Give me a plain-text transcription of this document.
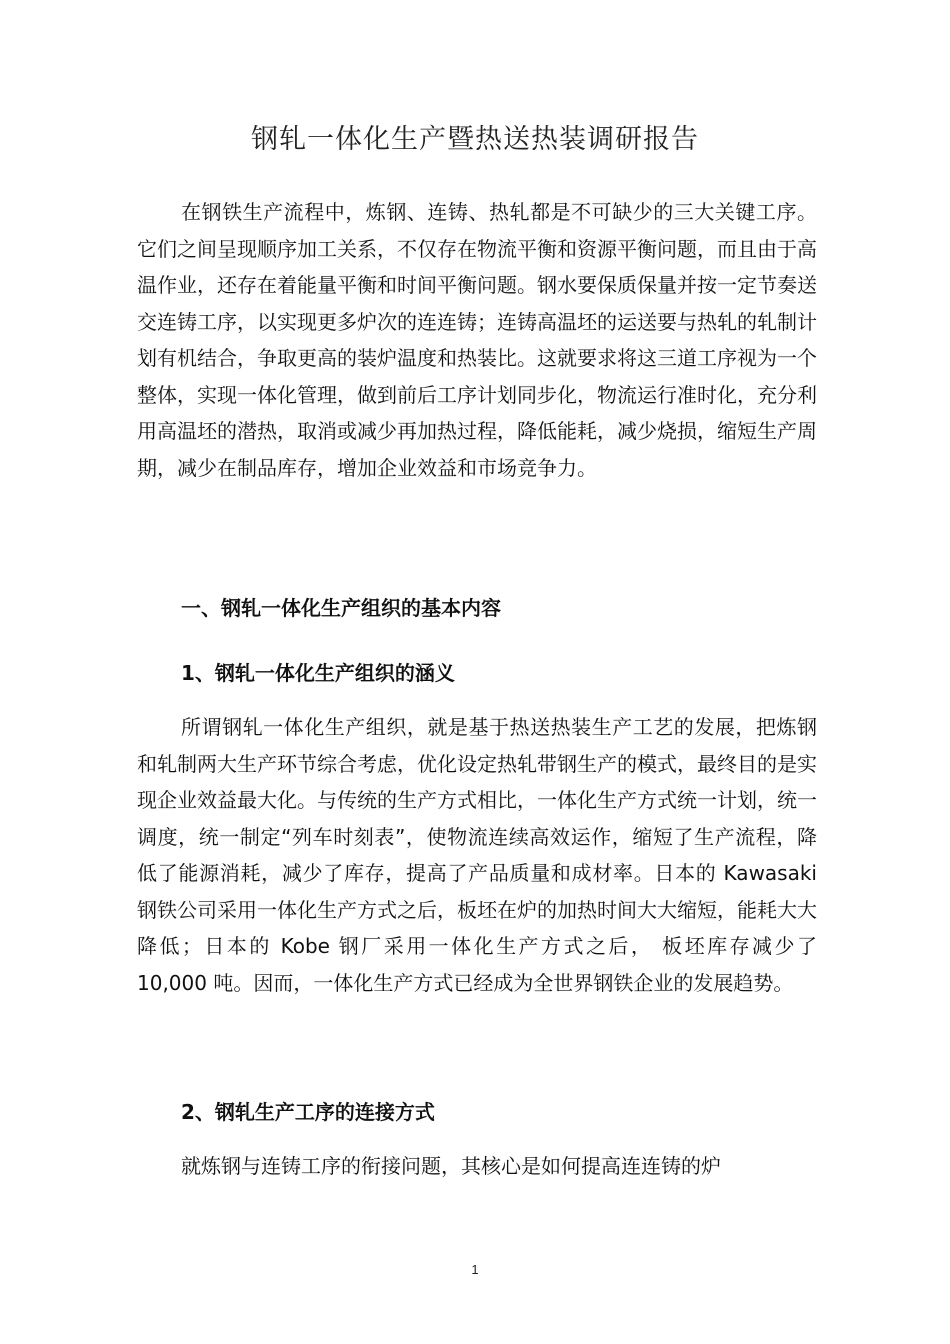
钢轧一体化生产暨热送热装调研报告

在钢铁生产流程中，炼钢、连铸、热轧都是不可缺少的三大关键工序。它们之间呈现顺序加工关系，不仅存在物流平衡和资源平衡问题，而且由于高温作业，还存在着能量平衡和时间平衡问题。钢水要保质保量并按一定节奏送交连铸工序，以实现更多炉次的连连铸；连铸高温坯的运送要与热轧的轧制计划有机结合，争取更高的装炉温度和热装比。这就要求将这三道工序视为一个整体，实现一体化管理，做到前后工序计划同步化，物流运行准时化，充分利用高温坯的潜热，取消或减少再加热过程，降低能耗，减少烧损，缩短生产周期，减少在制品库存，增加企业效益和市场竞争力。

一、钢轧一体化生产组织的基本内容
1、钢轧一体化生产组织的涵义

所谓钢轧一体化生产组织，就是基于热送热装生产工艺的发展，把炼钢和轧制两大生产环节综合考虑，优化设定热轧带钢生产的模式，最终目的是实现企业效益最大化。与传统的生产方式相比，一体化生产方式统一计划，统一调度，统一制定“列车时刻表”，使物流连续高效运作，缩短了生产流程，降低了能源消耗，减少了库存，提高了产品质量和成材率。日本的 Kawasaki 钢铁公司采用一体化生产方式之后，板坯在炉的加热时间大大缩短，能耗大大降低；日本的 Kobe 钢厂采用一体化生产方式之后， 板坯库存减少了 10,000 吨。因而，一体化生产方式已经成为全世界钢铁企业的发展趋势。

2、钢轧生产工序的连接方式

就炼钢与连铸工序的衔接问题，其核心是如何提高连连铸的炉

1
